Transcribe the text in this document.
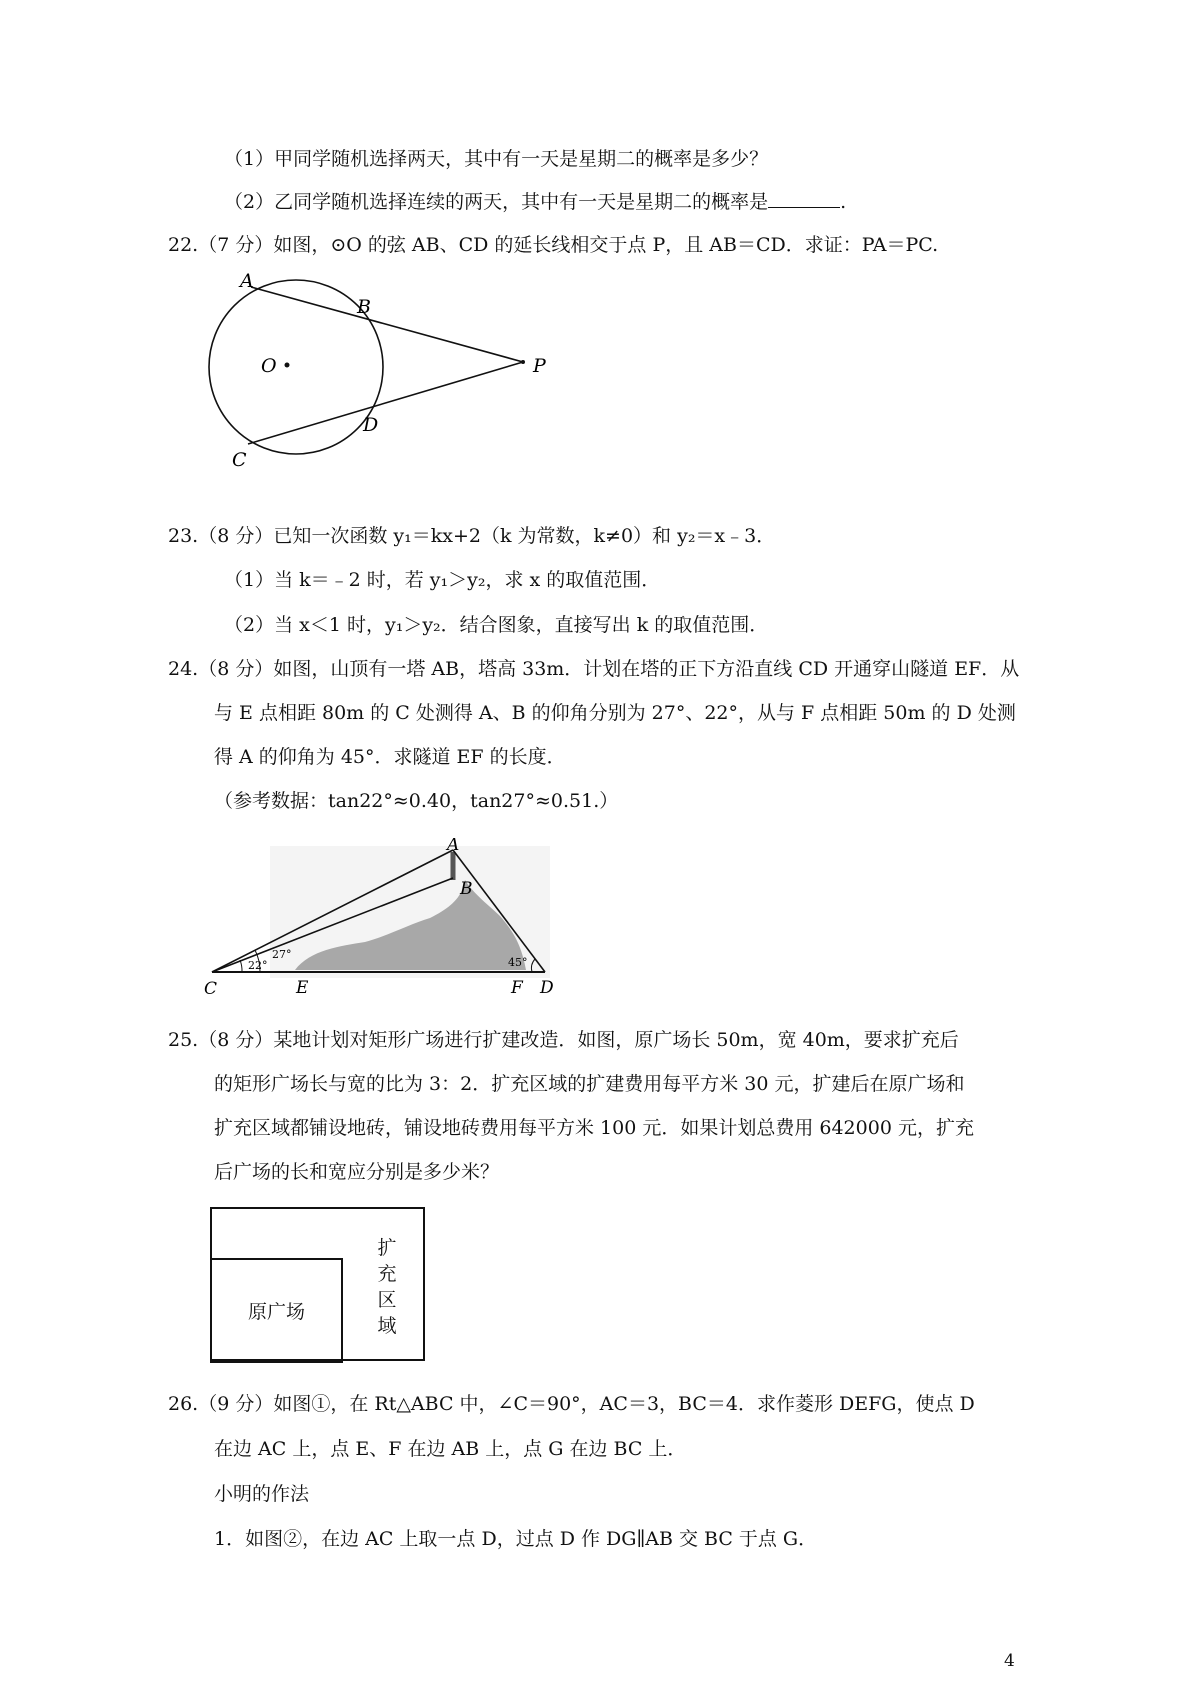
（1）甲同学随机选择两天，其中有一天是星期二的概率是多少？
（2）乙同学随机选择连续的两天，其中有一天是星期二的概率是	.
22.（7 分）如图，⊙O 的弦 AB、CD 的延长线相交于点 P，且 AB＝CD．求证：PA＝PC.
A
B
O	P
D
C
23.（8 分）已知一次函数 y₁＝kx+2（k 为常数，k≠0）和 y₂＝x﹣3．
（1）当 k＝﹣2 时，若 y₁＞y₂，求 x 的取值范围．
（2）当 x＜1 时，y₁＞y₂．结合图象，直接写出 k 的取值范围．
24.（8 分）如图，山顶有一塔 AB，塔高 33m．计划在塔的正下方沿直线 CD 开通穿山隧道 EF．从
与 E 点相距 80m 的 C 处测得 A、B 的仰角分别为 27°、22°，从与 F 点相距 50m 的 D 处测
得 A 的仰角为 45°．求隧道 EF 的长度．
（参考数据：tan22°≈0.40，tan27°≈0.51.）
A
B
C	E	F D
22°
27°
45°
25.（8 分）某地计划对矩形广场进行扩建改造．如图，原广场长 50m，宽 40m，要求扩充后
的矩形广场长与宽的比为 3：2．扩充区域的扩建费用每平方米 30 元，扩建后在原广场和
扩充区域都铺设地砖，铺设地砖费用每平方米 100 元．如果计划总费用 642000 元，扩充
后广场的长和宽应分别是多少米？
原广场
扩
充
区
域
26.（9 分）如图①，在 Rt△ABC 中，∠C＝90°，AC＝3，BC＝4．求作菱形 DEFG，使点 D
在边 AC 上，点 E、F 在边 AB 上，点 G 在边 BC 上．
小明的作法
1．如图②，在边 AC 上取一点 D，过点 D 作 DG∥AB 交 BC 于点 G．
4
